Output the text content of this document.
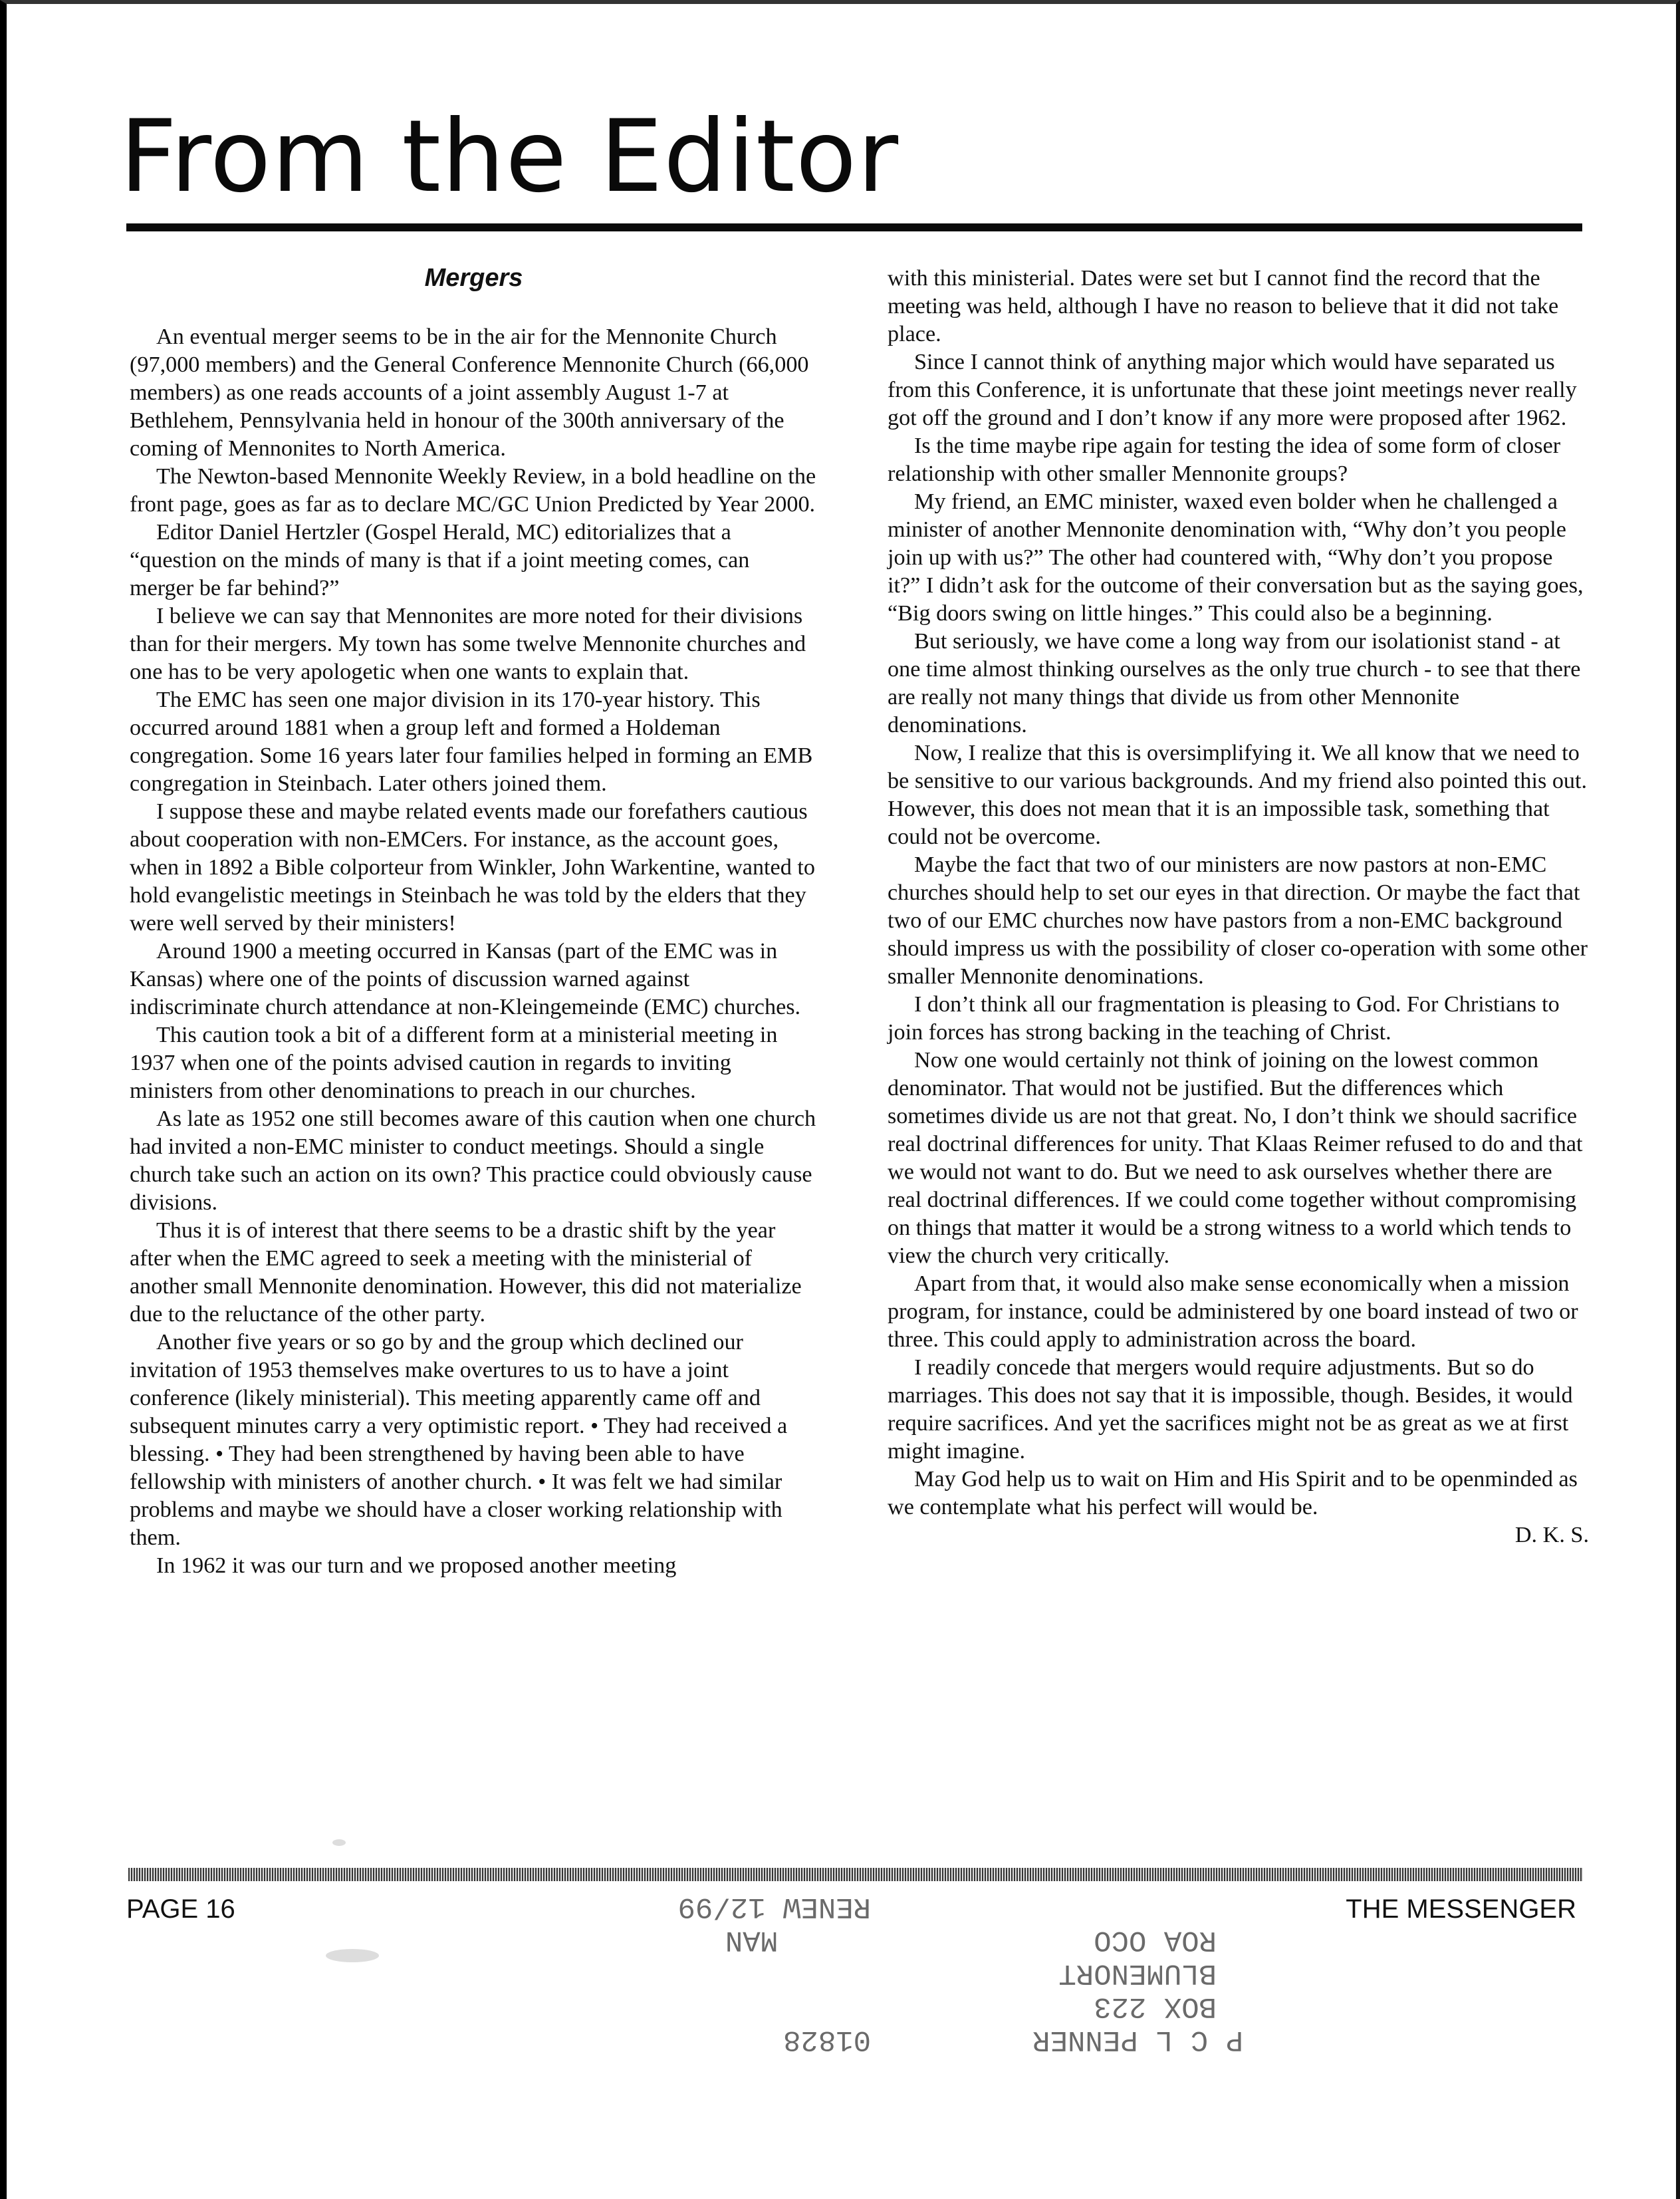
From the Editor
Mergers

An eventual merger seems to be in the air for the Mennonite Church (97,000 members) and the General Conference Mennonite Church (66,000 members) as one reads accounts of a joint assembly August 1-7 at Bethlehem, Pennsylvania held in honour of the 300th anniversary of the coming of Mennonites to North America.

The Newton-based Mennonite Weekly Review, in a bold headline on the front page, goes as far as to declare MC/GC Union Predicted by Year 2000.

Editor Daniel Hertzler (Gospel Herald, MC) editorializes that a “question on the minds of many is that if a joint meeting comes, can merger be far behind?”

I believe we can say that Mennonites are more noted for their divisions than for their mergers. My town has some twelve Mennonite churches and one has to be very apologetic when one wants to explain that.

The EMC has seen one major division in its 170-year history. This occurred around 1881 when a group left and formed a Holdeman congregation. Some 16 years later four families helped in forming an EMB congregation in Steinbach. Later others joined them.

I suppose these and maybe related events made our forefathers cautious about cooperation with non-EMCers. For instance, as the account goes, when in 1892 a Bible colporteur from Winkler, John Warkentine, wanted to hold evangelistic meetings in Steinbach he was told by the elders that they were well served by their ministers!

Around 1900 a meeting occurred in Kansas (part of the EMC was in Kansas) where one of the points of discussion warned against indiscriminate church attendance at non-Kleingemeinde (EMC) churches.

This caution took a bit of a different form at a ministerial meeting in 1937 when one of the points advised caution in regards to inviting ministers from other denominations to preach in our churches.

As late as 1952 one still becomes aware of this caution when one church had invited a non-EMC minister to conduct meetings. Should a single church take such an action on its own? This practice could obviously cause divisions.

Thus it is of interest that there seems to be a drastic shift by the year after when the EMC agreed to seek a meeting with the ministerial of another small Mennonite denomination. However, this did not materialize due to the reluctance of the other party.

Another five years or so go by and the group which declined our invitation of 1953 themselves make overtures to us to have a joint conference (likely ministerial). This meeting apparently came off and subsequent minutes carry a very optimistic report. • They had received a blessing. • They had been strengthened by having been able to have fellowship with ministers of another church. • It was felt we had similar problems and maybe we should have a closer working relationship with them.

In 1962 it was our turn and we proposed another meeting

with this ministerial. Dates were set but I cannot find the record that the meeting was held, although I have no reason to believe that it did not take place.

Since I cannot think of anything major which would have separated us from this Conference, it is unfortunate that these joint meetings never really got off the ground and I don’t know if any more were proposed after 1962.

Is the time maybe ripe again for testing the idea of some form of closer relationship with other smaller Mennonite groups?

My friend, an EMC minister, waxed even bolder when he challenged a minister of another Mennonite denomination with, “Why don’t you people join up with us?” The other had countered with, “Why don’t you propose it?” I didn’t ask for the outcome of their conversation but as the saying goes, “Big doors swing on little hinges.” This could also be a beginning.

But seriously, we have come a long way from our isolationist stand - at one time almost thinking ourselves as the only true church - to see that there are really not many things that divide us from other Mennonite denominations.

Now, I realize that this is oversimplifying it. We all know that we need to be sensitive to our various backgrounds. And my friend also pointed this out. However, this does not mean that it is an impossible task, something that could not be overcome.

Maybe the fact that two of our ministers are now pastors at non-EMC churches should help to set our eyes in that direction. Or maybe the fact that two of our EMC churches now have pastors from a non-EMC background should impress us with the possibility of closer co-operation with some other smaller Mennonite denominations.

I don’t think all our fragmentation is pleasing to God. For Christians to join forces has strong backing in the teaching of Christ.

Now one would certainly not think of joining on the lowest common denominator. That would not be justified. But the differences which sometimes divide us are not that great. No, I don’t think we should sacrifice real doctrinal differences for unity. That Klaas Reimer refused to do and that we would not want to do. But we need to ask ourselves whether there are real doctrinal differences. If we could come together without compromising on things that matter it would be a strong witness to a world which tends to view the church very critically.

Apart from that, it would also make sense economically when a mission program, for instance, could be administered by one board instead of two or three. This could apply to administration across the board.

I readily concede that mergers would require adjustments. But so do marriages. This does not say that it is impossible, though. Besides, it would require sacrifices. And yet the sacrifices might not be as great as we at first might imagine.

May God help us to wait on Him and His Spirit and to be openminded as we contemplate what his perfect will would be.

D. K. S.

PAGE 16	THE MESSENGER
P C L PENNER
01828
BOX 223
BLUMENORT
ROA OCO
MAN
RENEW 12/99
